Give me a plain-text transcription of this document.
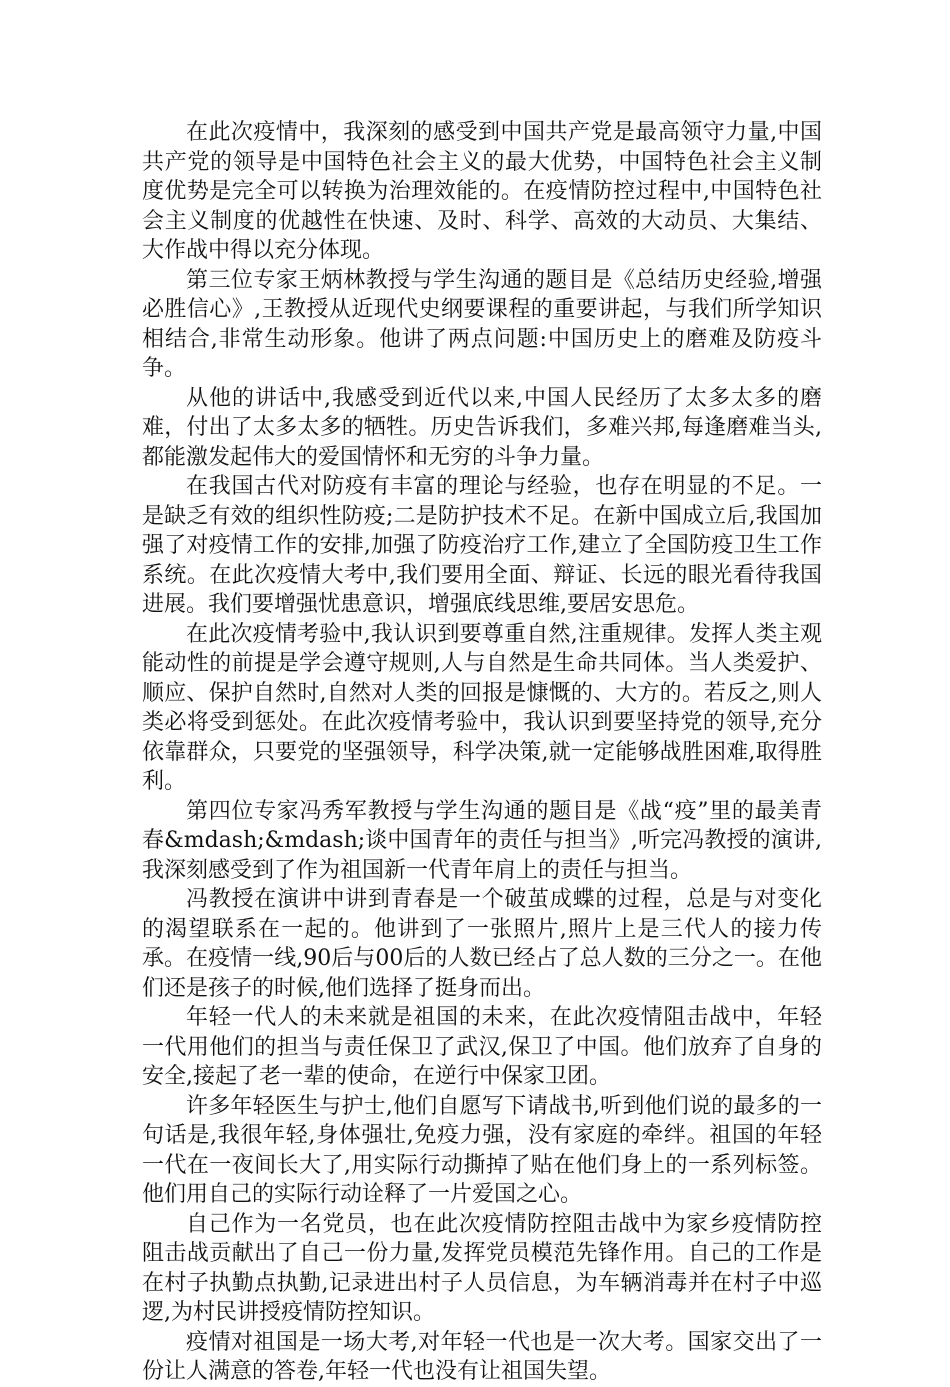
在此次疫情中，我深刻的感受到中国共产党是最高领守力量,中国共产党的领导是中国特色社会主义的最大优势，中国特色社会主义制度优势是完全可以转换为治理效能的。在疫情防控过程中,中国特色社会主义制度的优越性在快速、及时、科学、高效的大动员、大集结、大作战中得以充分体现。

第三位专家王炳林教授与学生沟通的题目是《总结历史经验,增强必胜信心》,王教授从近现代史纲要课程的重要讲起，与我们所学知识相结合,非常生动形象。他讲了两点问题:中国历史上的磨难及防疫斗争。

从他的讲话中,我感受到近代以来,中国人民经历了太多太多的磨难，付出了太多太多的牺牲。历史告诉我们，多难兴邦,每逢磨难当头,都能激发起伟大的爱国情怀和无穷的斗争力量。

在我国古代对防疫有丰富的理论与经验，也存在明显的不足。一是缺乏有效的组织性防疫;二是防护技术不足。在新中国成立后,我国加强了对疫情工作的安排,加强了防疫治疗工作,建立了全国防疫卫生工作系统。在此次疫情大考中,我们要用全面、辩证、长远的眼光看待我国进展。我们要增强忧患意识，增强底线思维,要居安思危。

在此次疫情考验中,我认识到要尊重自然,注重规律。发挥人类主观能动性的前提是学会遵守规则,人与自然是生命共同体。当人类爱护、顺应、保护自然时,自然对人类的回报是慷慨的、大方的。若反之,则人类必将受到惩处。在此次疫情考验中，我认识到要坚持党的领导,充分依靠群众，只要党的坚强领导，科学决策,就一定能够战胜困难,取得胜利。

第四位专家冯秀军教授与学生沟通的题目是《战“疫”里的最美青春&mdash;&mdash;谈中国青年的责任与担当》,听完冯教授的演讲,我深刻感受到了作为祖国新一代青年肩上的责任与担当。

冯教授在演讲中讲到青春是一个破茧成蝶的过程，总是与对变化的渴望联系在一起的。他讲到了一张照片,照片上是三代人的接力传承。在疫情一线,90后与00后的人数已经占了总人数的三分之一。在他们还是孩子的时候,他们选择了挺身而出。

年轻一代人的未来就是祖国的未来，在此次疫情阻击战中，年轻一代用他们的担当与责任保卫了武汉,保卫了中国。他们放弃了自身的安全,接起了老一辈的使命，在逆行中保家卫团。

许多年轻医生与护士,他们自愿写下请战书,听到他们说的最多的一句话是,我很年轻,身体强壮,免疫力强，没有家庭的牵绊。祖国的年轻一代在一夜间长大了,用实际行动撕掉了贴在他们身上的一系列标签。他们用自己的实际行动诠释了一片爱国之心。

自己作为一名党员，也在此次疫情防控阻击战中为家乡疫情防控阻击战贡献出了自己一份力量,发挥党员模范先锋作用。自己的工作是在村子执勤点执勤,记录进出村子人员信息，为车辆消毒并在村子中巡逻,为村民讲授疫情防控知识。

疫情对祖国是一场大考,对年轻一代也是一次大考。国家交出了一份让人满意的答卷,年轻一代也没有让祖国失望。
